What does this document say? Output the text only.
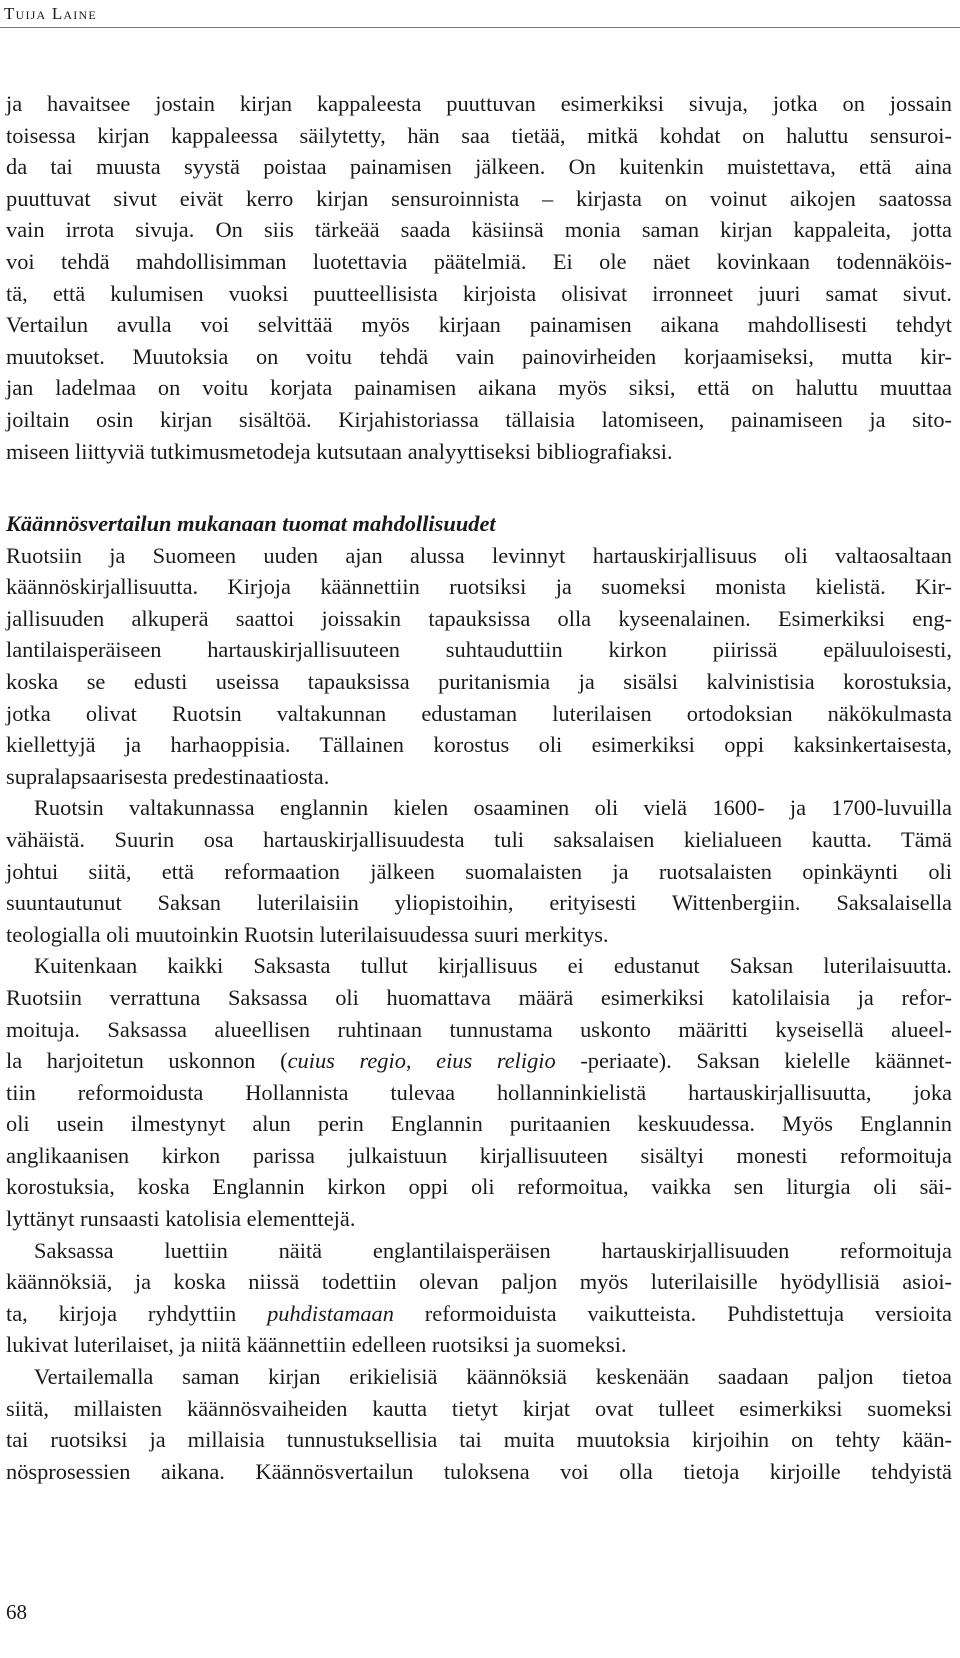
Tuija Laine
ja havaitsee jostain kirjan kappaleesta puuttuvan esimerkiksi sivuja, jotka on jossain
toisessa kirjan kappaleessa säilytetty, hän saa tietää, mitkä kohdat on haluttu sensuroi-
da tai muusta syystä poistaa painamisen jälkeen. On kuitenkin muistettava, että aina
puuttuvat sivut eivät kerro kirjan sensuroinnista – kirjasta on voinut aikojen saatossa
vain irrota sivuja. On siis tärkeää saada käsiinsä monia saman kirjan kappaleita, jotta
voi tehdä mahdollisimman luotettavia päätelmiä. Ei ole näet kovinkaan todennäköis-
tä, että kulumisen vuoksi puutteellisista kirjoista olisivat irronneet juuri samat sivut.
Vertailun avulla voi selvittää myös kirjaan painamisen aikana mahdollisesti tehdyt
muutokset. Muutoksia on voitu tehdä vain painovirheiden korjaamiseksi, mutta kir-
jan ladelmaa on voitu korjata painamisen aikana myös siksi, että on haluttu muuttaa
joiltain osin kirjan sisältöä. Kirjahistoriassa tällaisia latomiseen, painamiseen ja sito-
miseen liittyviä tutkimusmetodeja kutsutaan analyyttiseksi bibliografiaksi.
Käännösvertailun mukanaan tuomat mahdollisuudet
Ruotsiin ja Suomeen uuden ajan alussa levinnyt hartauskirjallisuus oli valtaosaltaan
käännöskirjallisuutta. Kirjoja käännettiin ruotsiksi ja suomeksi monista kielistä. Kir-
jallisuuden alkuperä saattoi joissakin tapauksissa olla kyseenalainen. Esimerkiksi eng-
lantilaisperäiseen hartauskirjallisuuteen suhtauduttiin kirkon piirissä epäluuloisesti,
koska se edusti useissa tapauksissa puritanismia ja sisälsi kalvinistisia korostuksia,
jotka olivat Ruotsin valtakunnan edustaman luterilaisen ortodoksian näkökulmasta
kiellettyjä ja harhaoppisia. Tällainen korostus oli esimerkiksi oppi kaksinkertaisesta,
supralapsaarisesta predestinaatiosta.
Ruotsin valtakunnassa englannin kielen osaaminen oli vielä 1600- ja 1700-luvuilla
vähäistä. Suurin osa hartauskirjallisuudesta tuli saksalaisen kielialueen kautta. Tämä
johtui siitä, että reformaation jälkeen suomalaisten ja ruotsalaisten opinkäynti oli
suuntautunut Saksan luterilaisiin yliopistoihin, erityisesti Wittenbergiin. Saksalaisella
teologialla oli muutoinkin Ruotsin luterilaisuudessa suuri merkitys.
Kuitenkaan kaikki Saksasta tullut kirjallisuus ei edustanut Saksan luterilaisuutta.
Ruotsiin verrattuna Saksassa oli huomattava määrä esimerkiksi katolilaisia ja refor-
moituja. Saksassa alueellisen ruhtinaan tunnustama uskonto määritti kyseisellä alueel-
la harjoitetun uskonnon (cuius regio, eius religio -periaate). Saksan kielelle käännet-
tiin reformoidusta Hollannista tulevaa hollanninkielistä hartauskirjallisuutta, joka
oli usein ilmestynyt alun perin Englannin puritaanien keskuudessa. Myös Englannin
anglikaanisen kirkon parissa julkaistuun kirjallisuuteen sisältyi monesti reformoituja
korostuksia, koska Englannin kirkon oppi oli reformoitua, vaikka sen liturgia oli säi-
lyttänyt runsaasti katolisia elementtejä.
Saksassa luettiin näitä englantilaisperäisen hartauskirjallisuuden reformoituja
käännöksiä, ja koska niissä todettiin olevan paljon myös luterilaisille hyödyllisiä asioi-
ta, kirjoja ryhdyttiin puhdistamaan reformoiduista vaikutteista. Puhdistettuja versioita
lukivat luterilaiset, ja niitä käännettiin edelleen ruotsiksi ja suomeksi.
Vertailemalla saman kirjan erikielisiä käännöksiä keskenään saadaan paljon tietoa
siitä, millaisten käännösvaiheiden kautta tietyt kirjat ovat tulleet esimerkiksi suomeksi
tai ruotsiksi ja millaisia tunnustuksellisia tai muita muutoksia kirjoihin on tehty kään-
nösprosessien aikana. Käännösvertailun tuloksena voi olla tietoja kirjoille tehdyistä
68
